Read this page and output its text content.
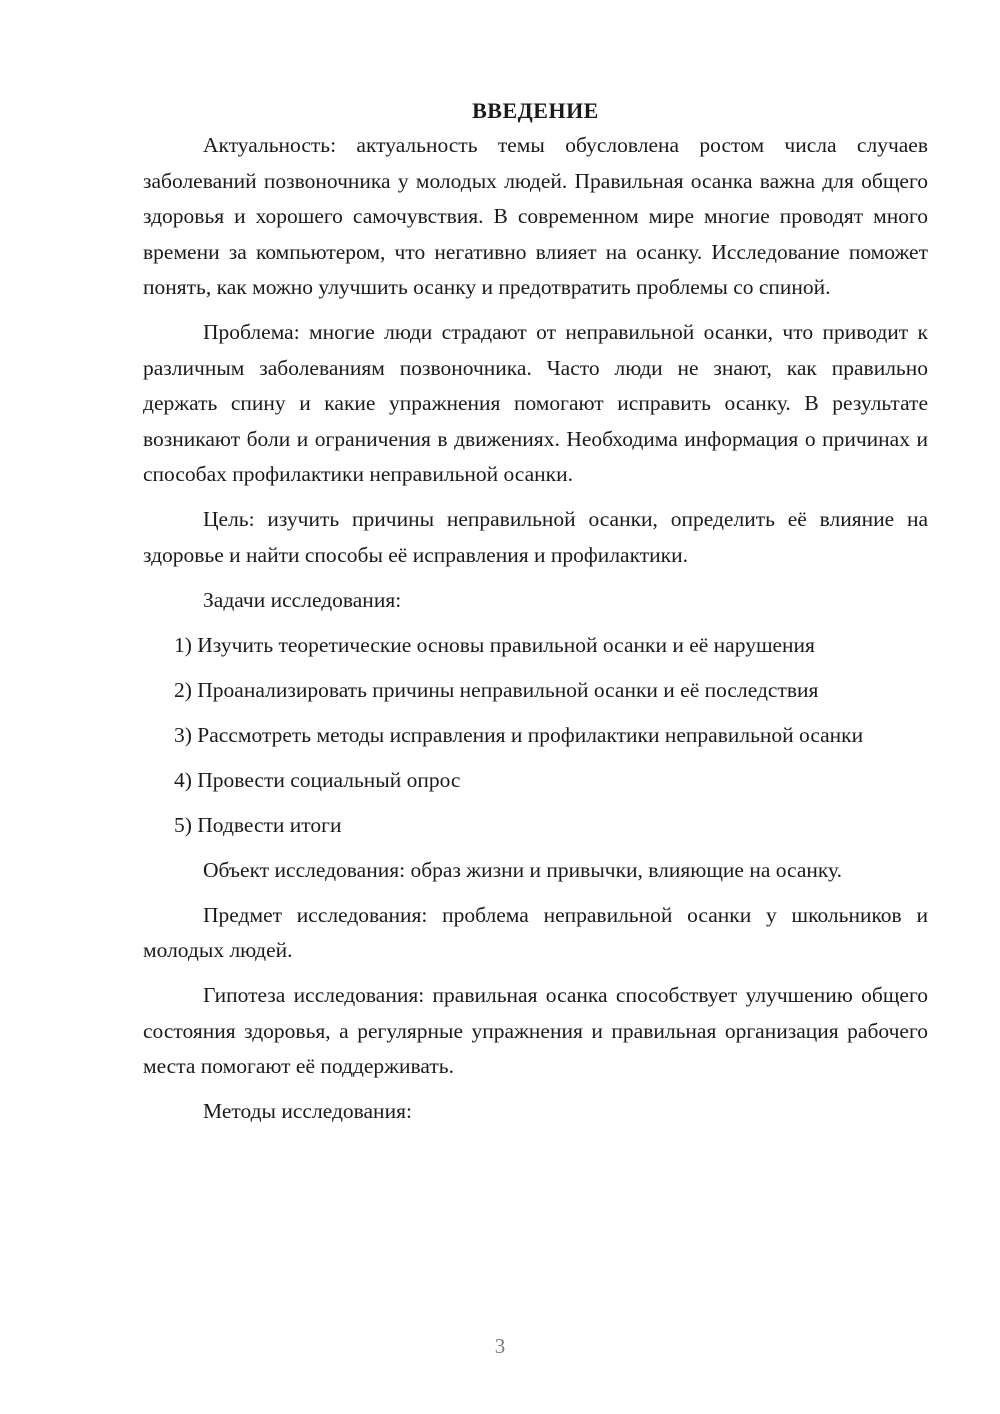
ВВЕДЕНИЕ

Актуальность: актуальность темы обусловлена ростом числа случаев заболеваний позвоночника у молодых людей. Правильная осанка важна для общего здоровья и хорошего самочувствия. В современном мире многие проводят много времени за компьютером, что негативно влияет на осанку. Исследование поможет понять, как можно улучшить осанку и предотвратить проблемы со спиной.

Проблема: многие люди страдают от неправильной осанки, что приводит к различным заболеваниям позвоночника. Часто люди не знают, как правильно держать спину и какие упражнения помогают исправить осанку. В результате возникают боли и ограничения в движениях. Необходима информация о причинах и способах профилактики неправильной осанки.

Цель: изучить причины неправильной осанки, определить её влияние на здоровье и найти способы её исправления и профилактики.

Задачи исследования:

1) Изучить теоретические основы правильной осанки и её нарушения

2) Проанализировать причины неправильной осанки и её последствия

3) Рассмотреть методы исправления и профилактики неправильной осанки

4) Провести социальный опрос

5) Подвести итоги

Объект исследования: образ жизни и привычки, влияющие на осанку.

Предмет исследования: проблема неправильной осанки у школьников и молодых людей.

Гипотеза исследования: правильная осанка способствует улучшению общего состояния здоровья, а регулярные упражнения и правильная организация рабочего места помогают её поддерживать.

Методы исследования:

3
